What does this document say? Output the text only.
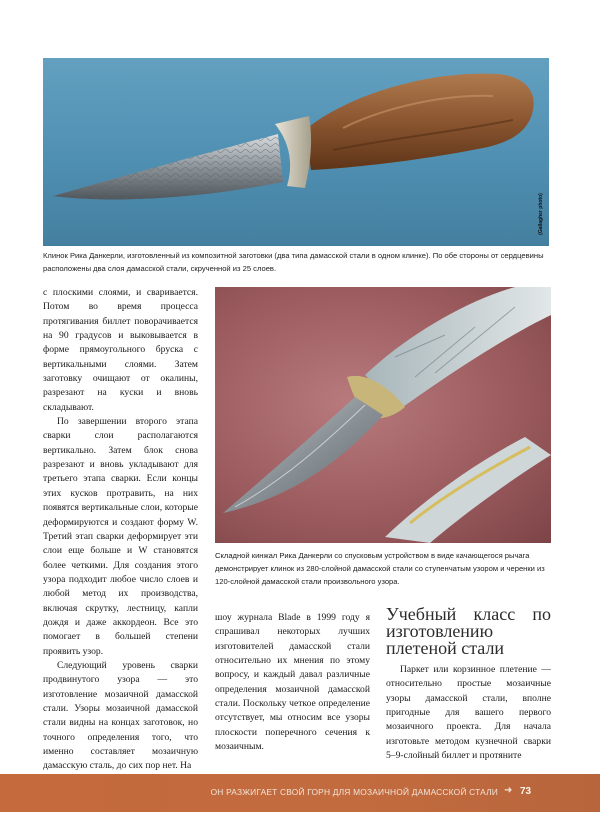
(Gallagher photo)
Клинок Рика Данкерли, изготовленный из композитной заготовки (два типа дамасской стали в одном клинке). По обе стороны от сердцевины расположены два слоя дамасской стали, скрученной из 25 слоев.
Складной кинжал Рика Данкерли со спусковым устройством в виде качающегося рычага демонстрирует клинок из 280-слойной дамасской стали со ступенчатым узором и черенки из 120-слойной дамасской стали произвольного узора.

с плоскими слоями, и сваривается. Потом во время процесса протягивания биллет поворачивается на 90 градусов и выковывается в форме прямоугольного бруска с вертикальными слоями. Затем заготовку очищают от окалины, разрезают на куски и вновь складывают.

По завершении второго этапа сварки слои располагаются вертикально. Затем блок снова разрезают и вновь укладывают для третьего этапа сварки. Если концы этих кусков протравить, на них появятся вертикальные слои, которые деформируются и создают форму W. Третий этап сварки деформирует эти слои еще больше и W становятся более четкими. Для создания этого узора подходит любое число слоев и любой метод их производства, включая скрутку, лестницу, капли дождя и даже аккордеон. Все это помогает в большей степени проявить узор.

Следующий уровень сварки продвинутого узора — это изготовление мозаичной дамасской стали. Узоры мозаичной дамасской стали видны на концах заготовок, но точного определения того, что именно составляет мозаичную дамасскую сталь, до сих пор нет. На

шоу журнала Blade в 1999 году я спрашивал некоторых лучших изготовителей дамасской стали относительно их мнения по этому вопросу, и каждый давал различные определения мозаичной дамасской стали. Поскольку четкое определение отсутствует, мы относим все узоры плоскости поперечного сечения к мозаичным.

Учебный класс по изготовлению плетеной стали

Паркет или корзинное плетение — относительно простые мозаичные узоры дамасской стали, вполне пригодные для вашего первого мозаичного проекта. Для начала изготовьте методом кузнечной сварки 5–9-слойный биллет и протяните

ОН РАЗЖИГАЕТ СВОЙ ГОРН ДЛЯ МОЗАИЧНОЙ ДАМАССКОЙ СТАЛИ ➜ 73
